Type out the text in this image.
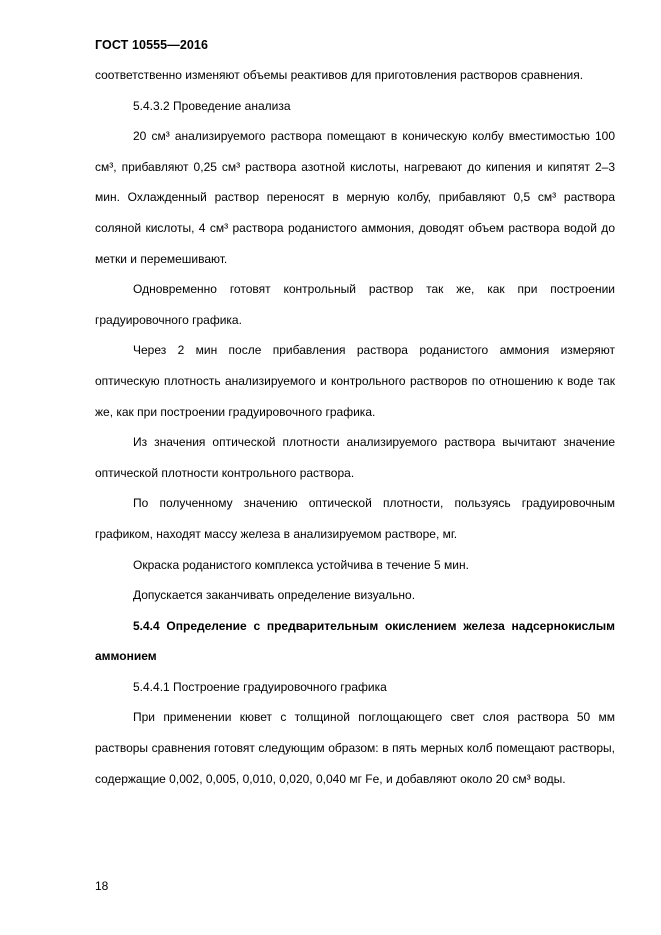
ГОСТ 10555—2016

соответственно изменяют объемы реактивов для приготовления растворов сравнения.

5.4.3.2 Проведение анализа

20 см³ анализируемого раствора помещают в коническую колбу вместимостью 100 см³, прибавляют 0,25 см³ раствора азотной кислоты, нагревают до кипения и кипятят 2–3 мин. Охлажденный раствор переносят в мерную колбу, прибавляют 0,5 см³ раствора соляной кислоты, 4 см³ раствора роданистого аммония, доводят объем раствора водой до метки и перемешивают.

Одновременно готовят контрольный раствор так же, как при построении градуировочного графика.

Через 2 мин после прибавления раствора роданистого аммония измеряют оптическую плотность анализируемого и контрольного растворов по отношению к воде так же, как при построении градуировочного графика.

Из значения оптической плотности анализируемого раствора вычитают значение оптической плотности контрольного раствора.

По полученному значению оптической плотности, пользуясь градуировочным графиком, находят массу железа в анализируемом растворе, мг.

Окраска роданистого комплекса устойчива в течение 5 мин.

Допускается заканчивать определение визуально.

5.4.4 Определение с предварительным окислением железа надсернокислым аммонием

5.4.4.1 Построение градуировочного графика

При применении кювет с толщиной поглощающего свет слоя раствора 50 мм растворы сравнения готовят следующим образом: в пять мерных колб помещают растворы, содержащие 0,002, 0,005, 0,010, 0,020, 0,040 мг Fe, и добавляют около 20 см³ воды.

18
